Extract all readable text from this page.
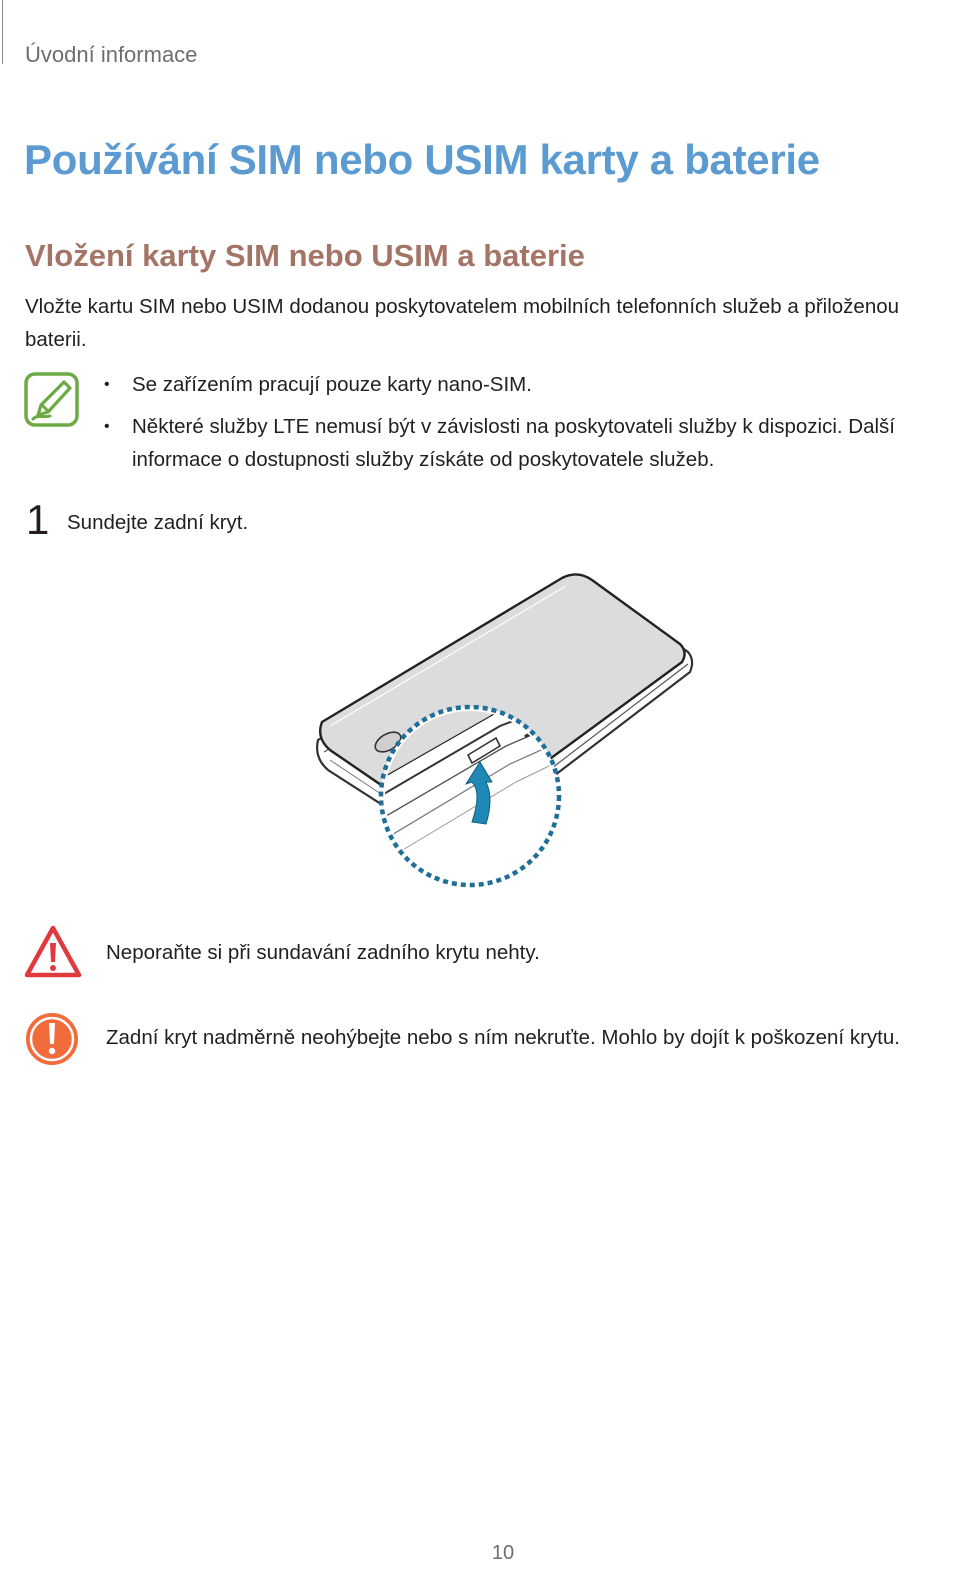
Úvodní informace
Používání SIM nebo USIM karty a baterie
Vložení karty SIM nebo USIM a baterie

Vložte kartu SIM nebo USIM dodanou poskytovatelem mobilních telefonních služeb a přiloženou baterii.

• Se zařízením pracují pouze karty nano-SIM.
• Některé služby LTE nemusí být v závislosti na poskytovateli služby k dispozici. Další informace o dostupnosti služby získáte od poskytovatele služeb.
1 Sundejte zadní kryt.
Neporaňte si při sundavání zadního krytu nehty.
Zadní kryt nadměrně neohýbejte nebo s ním nekruťte. Mohlo by dojít k poškození krytu.
10
